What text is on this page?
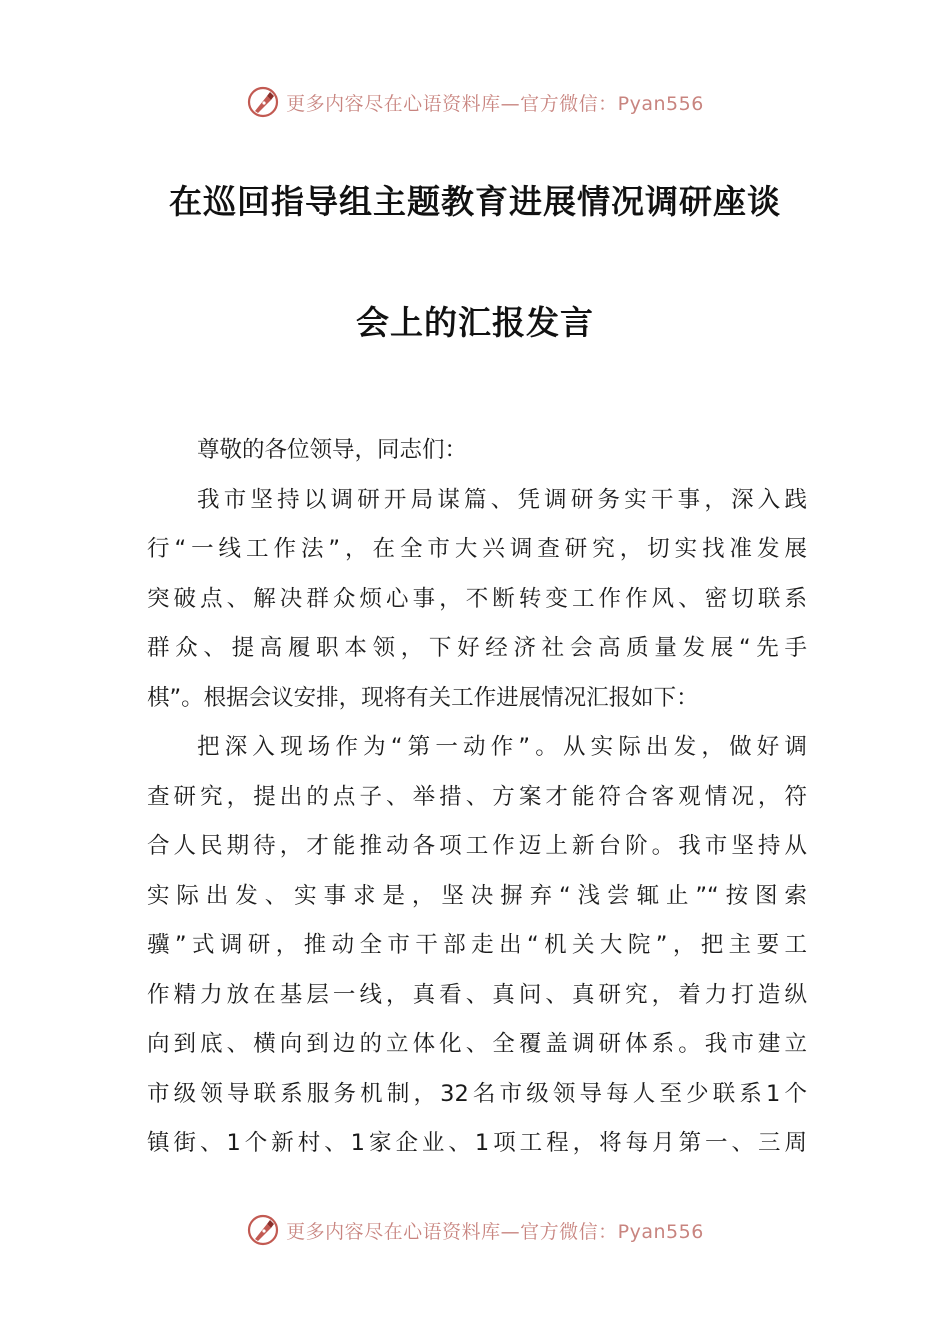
更多内容尽在心语资料库—官方微信：Pyan556
在巡回指导组主题教育进展情况调研座谈
会上的汇报发言
尊敬的各位领导，同志们：
我市坚持以调研开局谋篇、凭调研务实干事，深入践
行“一线工作法”，在全市大兴调查研究，切实找准发展
突破点、解决群众烦心事，不断转变工作作风、密切联系
群众、提高履职本领，下好经济社会高质量发展“先手
棋”。根据会议安排，现将有关工作进展情况汇报如下：
把深入现场作为“第一动作”。从实际出发，做好调
查研究，提出的点子、举措、方案才能符合客观情况，符
合人民期待，才能推动各项工作迈上新台阶。我市坚持从
实际出发、实事求是，坚决摒弃“浅尝辄止”“按图索
骥”式调研，推动全市干部走出“机关大院”，把主要工
作精力放在基层一线，真看、真问、真研究，着力打造纵
向到底、横向到边的立体化、全覆盖调研体系。我市建立
市级领导联系服务机制，32名市级领导每人至少联系1个
镇街、1个新村、1家企业、1项工程，将每月第一、三周
更多内容尽在心语资料库—官方微信：Pyan556
